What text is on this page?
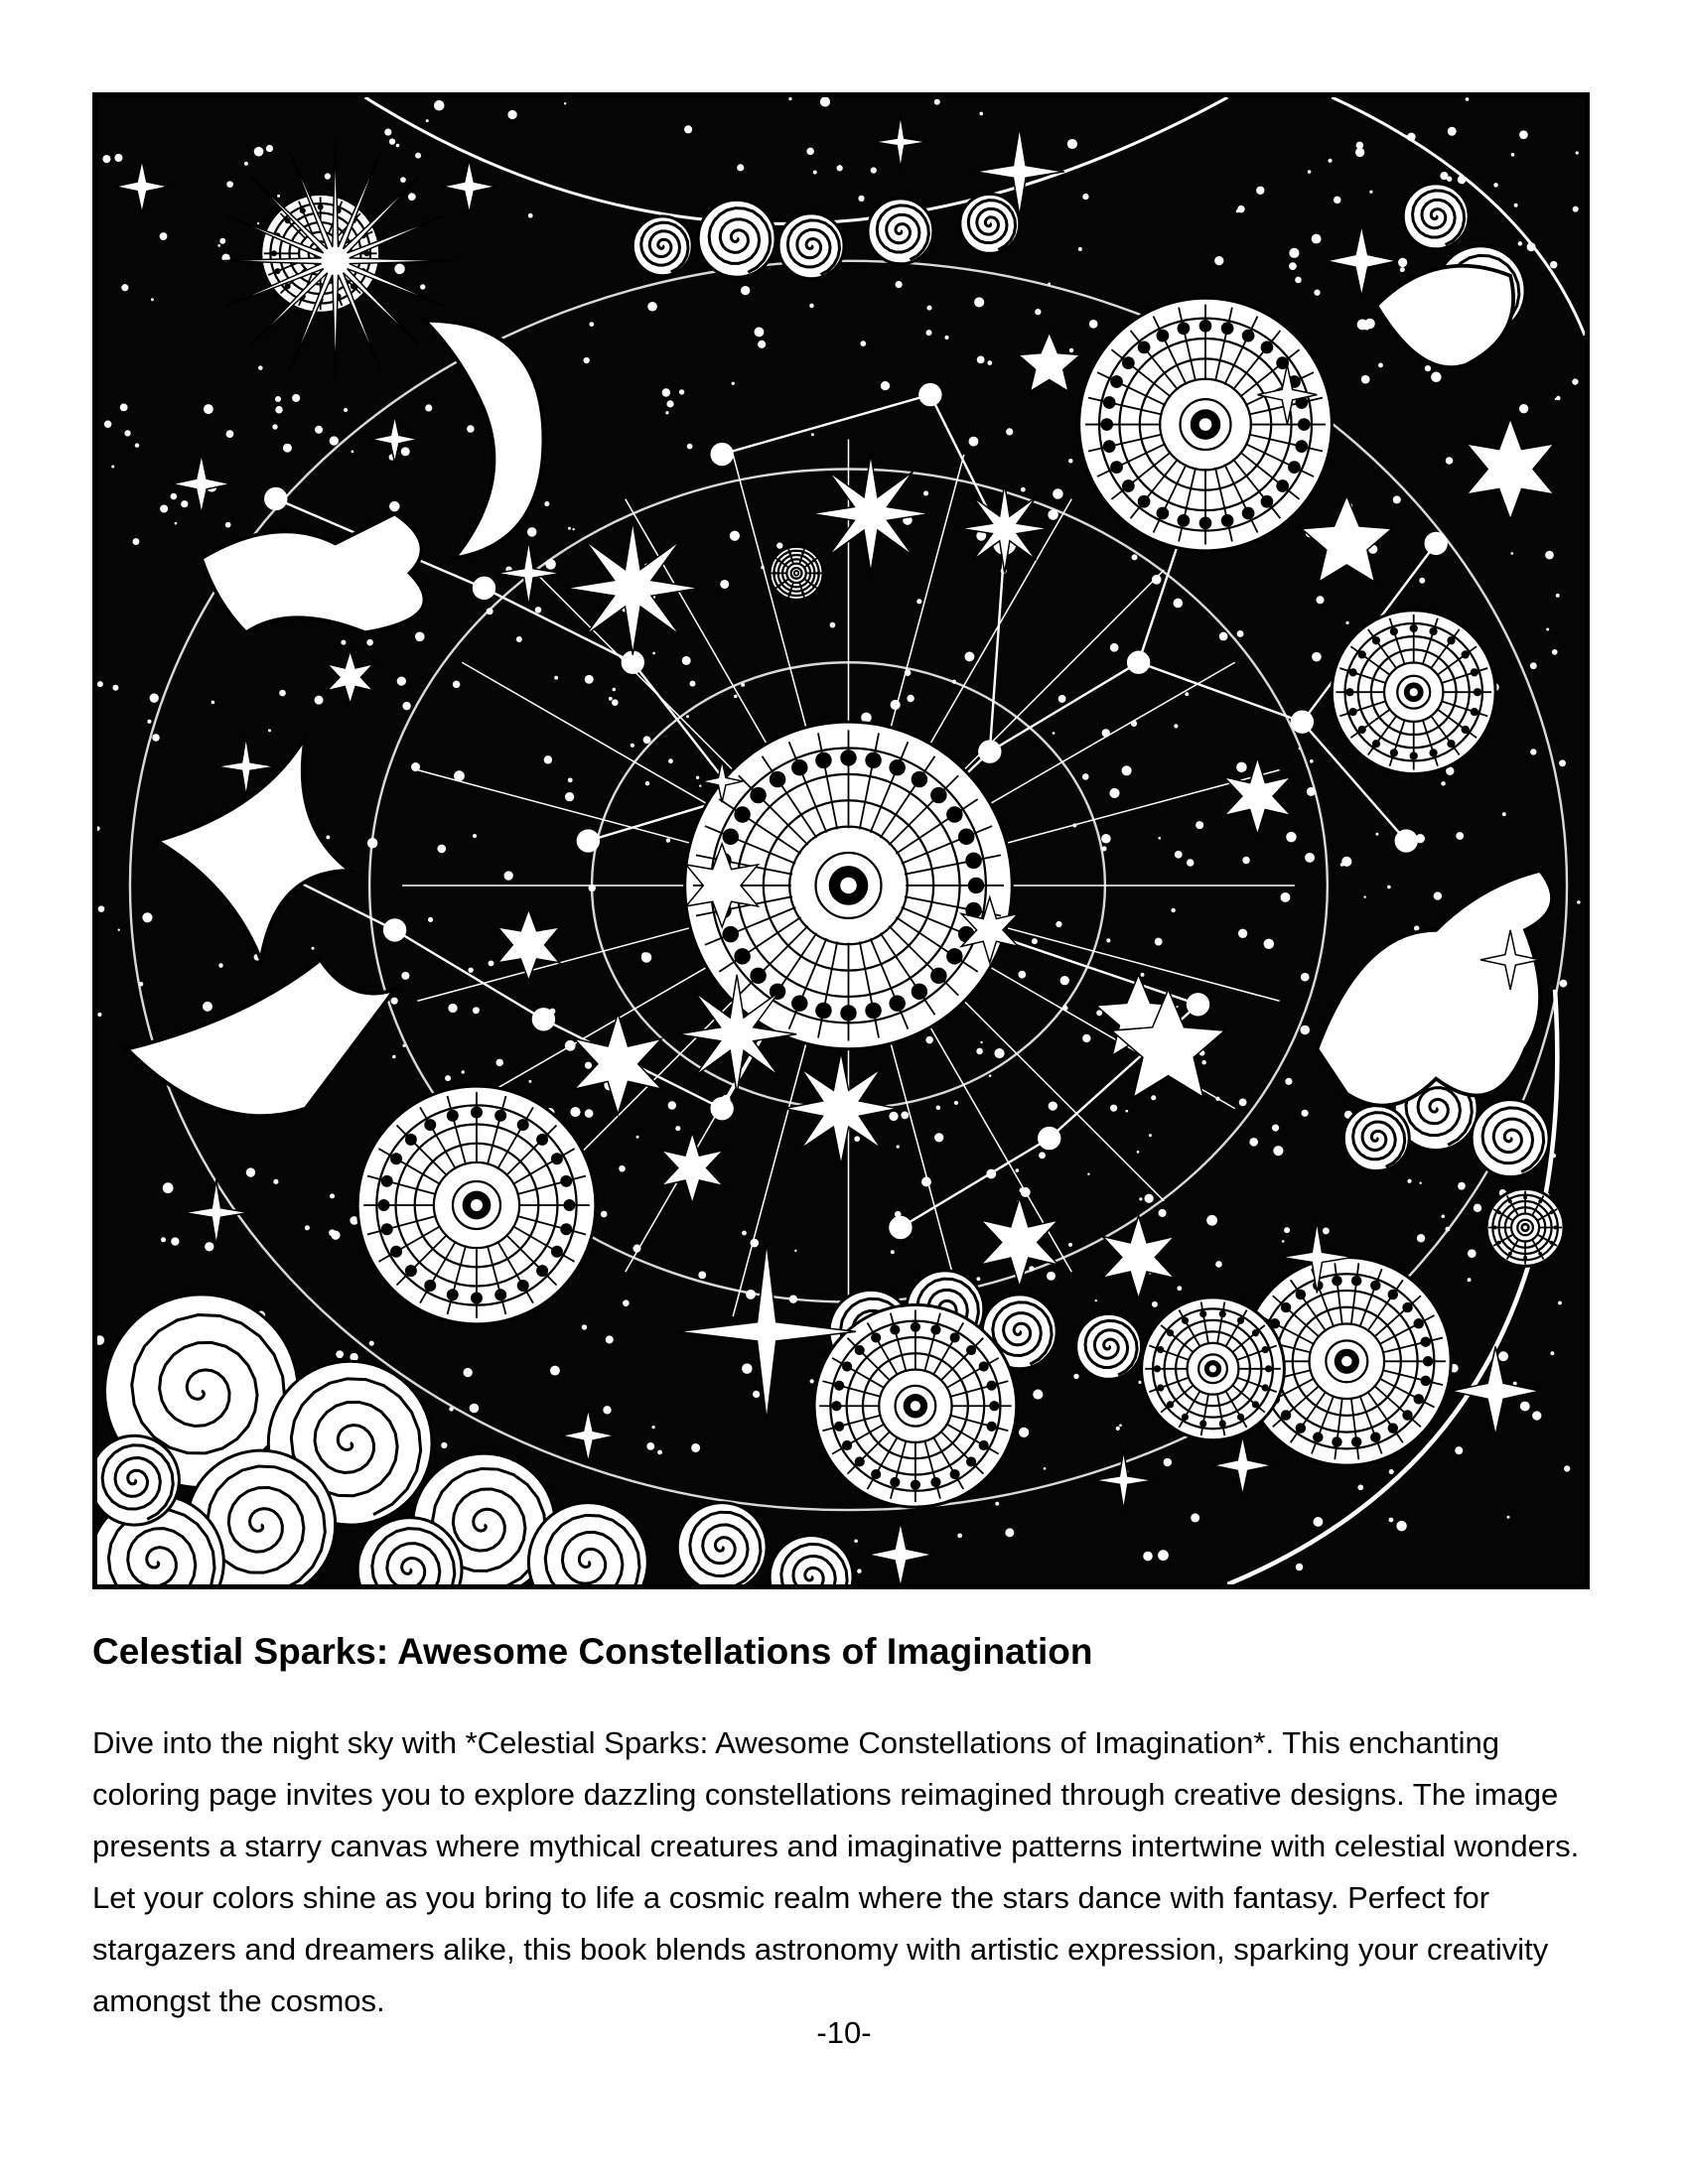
Celestial Sparks: Awesome Constellations of Imagination

Dive into the night sky with *Celestial Sparks: Awesome Constellations of Imagination*. This enchanting coloring page invites you to explore dazzling constellations reimagined through creative designs. The image presents a starry canvas where mythical creatures and imaginative patterns intertwine with celestial wonders. Let your colors shine as you bring to life a cosmic realm where the stars dance with fantasy. Perfect for stargazers and dreamers alike, this book blends astronomy with artistic expression, sparking your creativity amongst the cosmos.

-10-
